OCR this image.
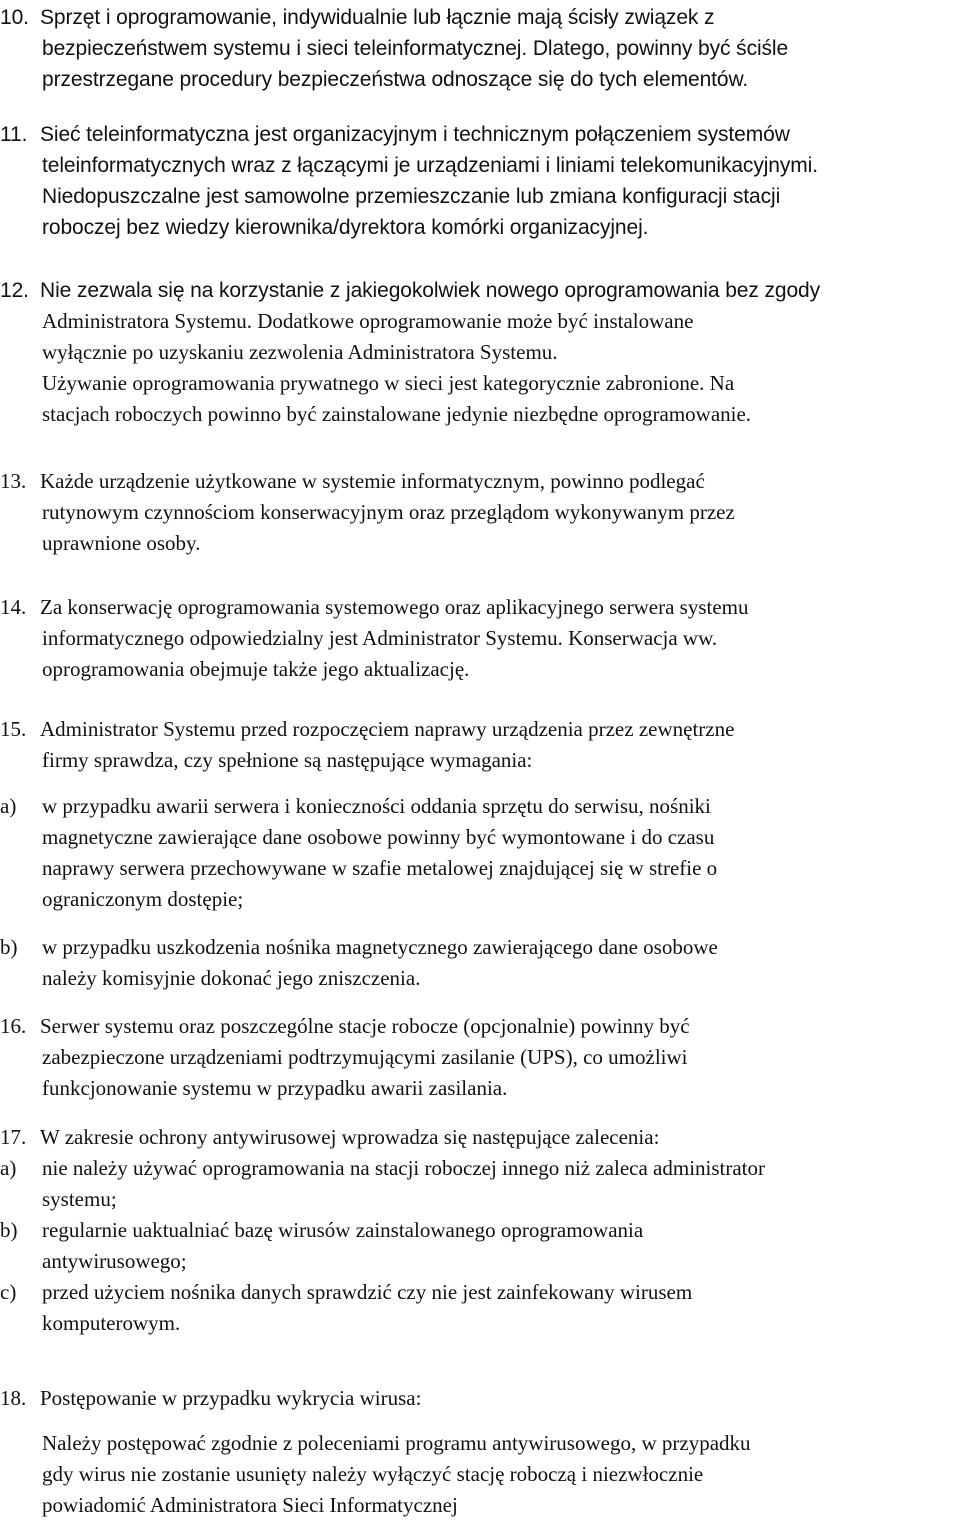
10. Sprzęt i oprogramowanie, indywidualnie lub łącznie mają ścisły związek z
bezpieczeństwem systemu i sieci teleinformatycznej. Dlatego, powinny być ściśle
przestrzegane procedury bezpieczeństwa odnoszące się do tych elementów.
11. Sieć teleinformatyczna jest organizacyjnym i technicznym połączeniem systemów
teleinformatycznych wraz z łączącymi je urządzeniami i liniami telekomunikacyjnymi.
Niedopuszczalne jest samowolne przemieszczanie lub zmiana konfiguracji stacji
roboczej bez wiedzy kierownika/dyrektora komórki organizacyjnej.
12. Nie zezwala się na korzystanie z jakiegokolwiek nowego oprogramowania bez zgody
Administratora Systemu. Dodatkowe oprogramowanie może być instalowane
wyłącznie po uzyskaniu zezwolenia Administratora Systemu.
Używanie oprogramowania prywatnego w sieci jest kategorycznie zabronione. Na
stacjach roboczych powinno być zainstalowane jedynie niezbędne oprogramowanie.
13. Każde urządzenie użytkowane w systemie informatycznym, powinno podlegać
rutynowym czynnościom konserwacyjnym oraz przeglądom wykonywanym przez
uprawnione osoby.
14. Za konserwację oprogramowania systemowego oraz aplikacyjnego serwera systemu
informatycznego odpowiedzialny jest Administrator Systemu. Konserwacja ww.
oprogramowania obejmuje także jego aktualizację.
15. Administrator Systemu przed rozpoczęciem naprawy urządzenia przez zewnętrzne
firmy sprawdza, czy spełnione są następujące wymagania:
a) w przypadku awarii serwera i konieczności oddania sprzętu do serwisu, nośniki
magnetyczne zawierające dane osobowe powinny być wymontowane i do czasu
naprawy serwera przechowywane w szafie metalowej znajdującej się w strefie o
ograniczonym dostępie;
b) w przypadku uszkodzenia nośnika magnetycznego zawierającego dane osobowe
należy komisyjnie dokonać jego zniszczenia.
16. Serwer systemu oraz poszczególne stacje robocze (opcjonalnie) powinny być
zabezpieczone urządzeniami podtrzymującymi zasilanie (UPS), co umożliwi
funkcjonowanie systemu w przypadku awarii zasilania.
17. W zakresie ochrony antywirusowej wprowadza się następujące zalecenia:
a) nie należy używać oprogramowania na stacji roboczej innego niż zaleca administrator
systemu;
b) regularnie uaktualniać bazę wirusów zainstalowanego oprogramowania
antywirusowego;
c) przed użyciem nośnika danych sprawdzić czy nie jest zainfekowany wirusem
komputerowym.
18. Postępowanie w przypadku wykrycia wirusa:
Należy postępować zgodnie z poleceniami programu antywirusowego, w przypadku
gdy wirus nie zostanie usunięty należy wyłączyć stację roboczą i niezwłocznie
powiadomić Administratora Sieci Informatycznej
